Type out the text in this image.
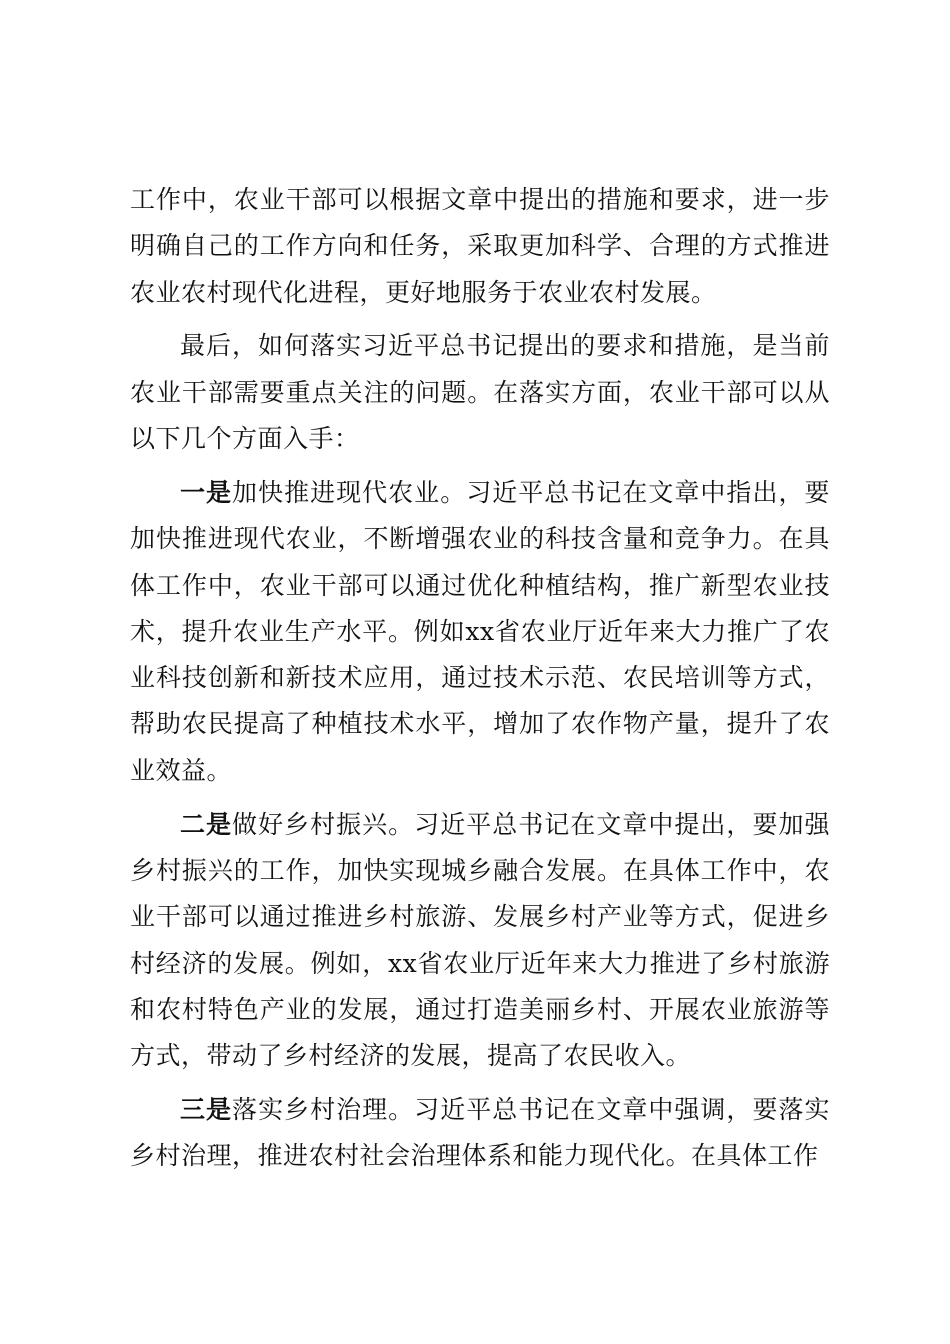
工作中，农业干部可以根据文章中提出的措施和要求，进一步明确自己的工作方向和任务，采取更加科学、合理的方式推进农业农村现代化进程，更好地服务于农业农村发展。

最后，如何落实习近平总书记提出的要求和措施，是当前农业干部需要重点关注的问题。在落实方面，农业干部可以从以下几个方面入手：

一是加快推进现代农业。习近平总书记在文章中指出，要加快推进现代农业，不断增强农业的科技含量和竞争力。在具体工作中，农业干部可以通过优化种植结构，推广新型农业技术，提升农业生产水平。例如xx省农业厅近年来大力推广了农业科技创新和新技术应用，通过技术示范、农民培训等方式，帮助农民提高了种植技术水平，增加了农作物产量，提升了农业效益。

二是做好乡村振兴。习近平总书记在文章中提出，要加强乡村振兴的工作，加快实现城乡融合发展。在具体工作中，农业干部可以通过推进乡村旅游、发展乡村产业等方式，促进乡村经济的发展。例如，xx省农业厅近年来大力推进了乡村旅游和农村特色产业的发展，通过打造美丽乡村、开展农业旅游等方式，带动了乡村经济的发展，提高了农民收入。

三是落实乡村治理。习近平总书记在文章中强调，要落实乡村治理，推进农村社会治理体系和能力现代化。在具体工作
